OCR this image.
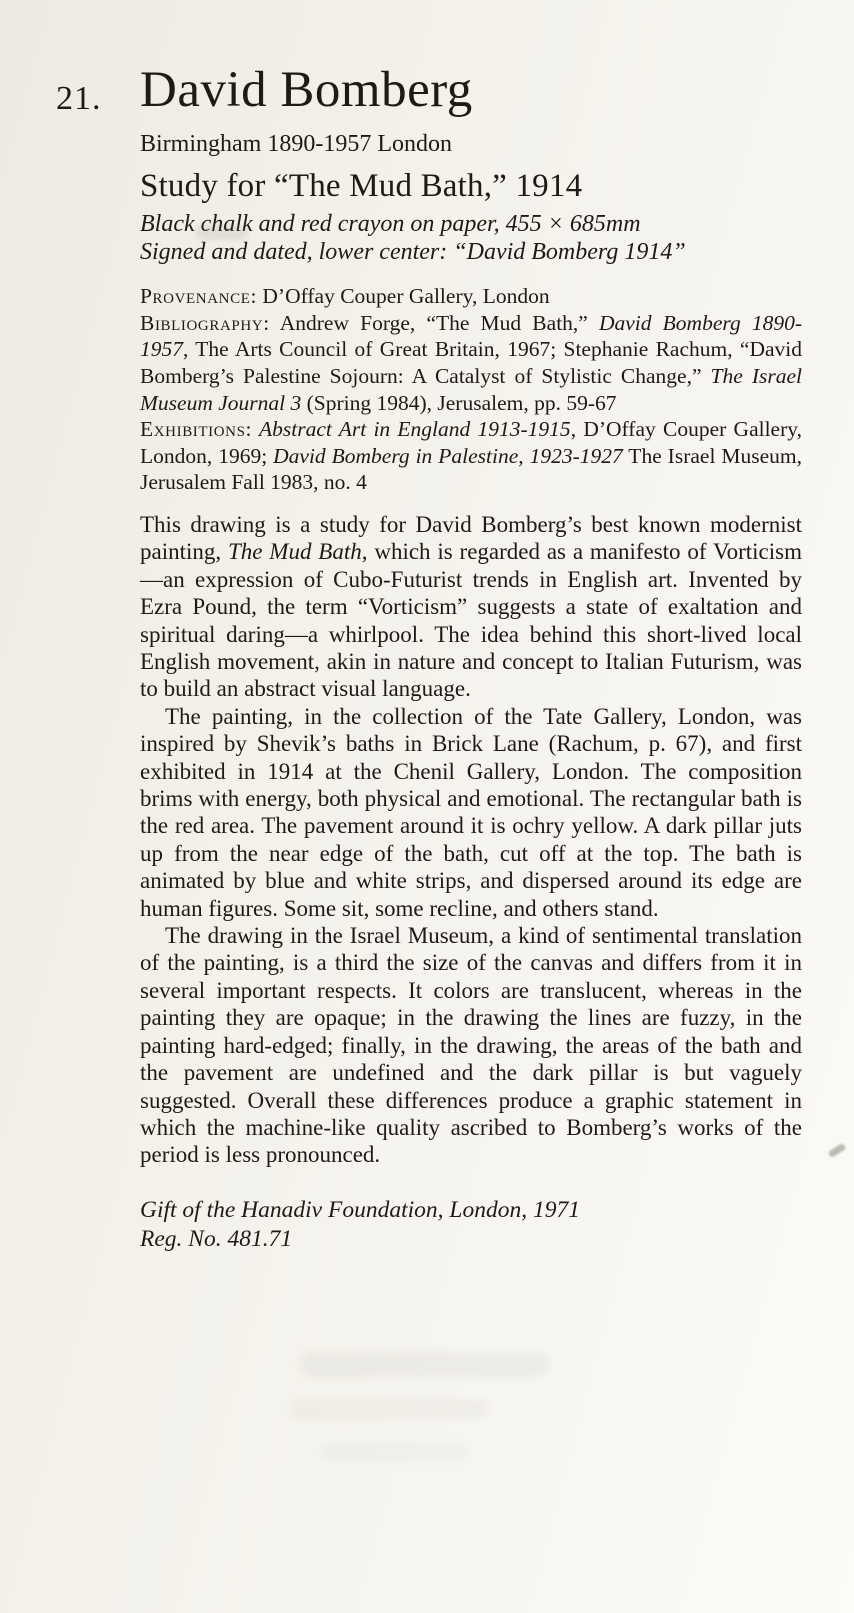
21. David Bomberg

Birmingham 1890-1957 London

Study for “The Mud Bath,” 1914

Black chalk and red crayon on paper, 455 × 685mm

Signed and dated, lower center: “David Bomberg 1914”

Provenance: D’Offay Couper Gallery, London

Bibliography: Andrew Forge, “The Mud Bath,” David Bomberg 1890-1957, The Arts Council of Great Britain, 1967; Stephanie Rachum, “David Bomberg’s Palestine Sojourn: A Catalyst of Stylistic Change,” The Israel Museum Journal 3 (Spring 1984), Jerusalem, pp. 59-67

Exhibitions: Abstract Art in England 1913-1915, D’Offay Couper Gallery, London, 1969; David Bomberg in Palestine, 1923-1927 The Israel Museum, Jerusalem Fall 1983, no. 4

This drawing is a study for David Bomberg’s best known modernist painting, The Mud Bath, which is regarded as a manifesto of Vorticism—an expression of Cubo-Futurist trends in English art. Invented by Ezra Pound, the term “Vorticism” suggests a state of exaltation and spiritual daring—a whirlpool. The idea behind this short-lived local English movement, akin in nature and concept to Italian Futurism, was to build an abstract visual language.

The painting, in the collection of the Tate Gallery, London, was inspired by Shevik’s baths in Brick Lane (Rachum, p. 67), and first exhibited in 1914 at the Chenil Gallery, London. The composition brims with energy, both physical and emotional. The rectangular bath is the red area. The pavement around it is ochry yellow. A dark pillar juts up from the near edge of the bath, cut off at the top. The bath is animated by blue and white strips, and dispersed around its edge are human figures. Some sit, some recline, and others stand.

The drawing in the Israel Museum, a kind of sentimental translation of the painting, is a third the size of the canvas and differs from it in several important respects. It colors are translucent, whereas in the painting they are opaque; in the drawing the lines are fuzzy, in the painting hard-edged; finally, in the drawing, the areas of the bath and the pavement are undefined and the dark pillar is but vaguely suggested. Overall these differences produce a graphic statement in which the machine-like quality ascribed to Bomberg’s works of the period is less pronounced.

Gift of the Hanadiv Foundation, London, 1971

Reg. No. 481.71
